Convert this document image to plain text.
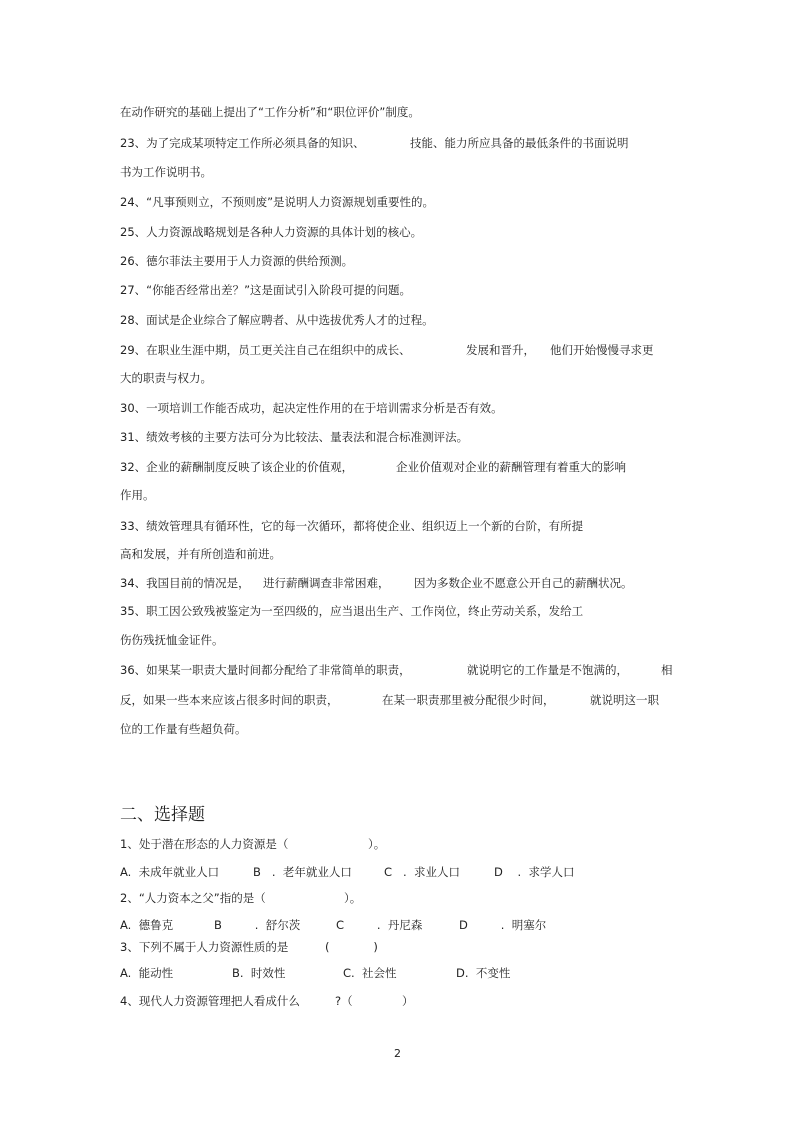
在动作研究的基础上提出了“工作分析”和“职位评价”制度。
23、为了完成某项特定工作所必须具备的知识、	技能、能力所应具备的最低条件的书面说明
书为工作说明书。
24、“凡事预则立，不预则废”是说明人力资源规划重要性的。
25、人力资源战略规划是各种人力资源的具体计划的核心。
26、德尔菲法主要用于人力资源的供给预测。
27、“你能否经常出差？”这是面试引入阶段可提的问题。
28、面试是企业综合了解应聘者、从中选拔优秀人才的过程。
29、在职业生涯中期，员工更关注自己在组织中的成长、	发展和晋升， 他们开始慢慢寻求更
大的职责与权力。
30、一项培训工作能否成功，起决定性作用的在于培训需求分析是否有效。
31、绩效考核的主要方法可分为比较法、量表法和混合标准测评法。
32、企业的薪酬制度反映了该企业的价值观，	企业价值观对企业的薪酬管理有着重大的影响
作用。
33、绩效管理具有循环性，它的每一次循环，都将使企业、组织迈上一个新的台阶，有所提
高和发展，并有所创造和前进。
34、我国目前的情况是， 进行薪酬调查非常困难， 因为多数企业不愿意公开自己的薪酬状况。
35、职工因公致残被鉴定为一至四级的，应当退出生产、工作岗位，终止劳动关系，发给工
伤伤残抚恤金证件。
36、如果某一职责大量时间都分配给了非常简单的职责，	就说明它的工作量是不饱满的，	相
反，如果一些本来应该占很多时间的职责，	在某一职责那里被分配很少时间，	就说明这一职
位的工作量有些超负荷。
1、处于潜在形态的人力资源是（	）。
A.  未成年就业人口	B   .  老年就业人口	C   .  求业人口	D    .  求学人口
2、“人力资本之父”指的是（	）。
A.  德鲁克	B         .  舒尔茨	C         .  丹尼森	D         .  明塞尔
3、下列不属于人力资源性质的是	(            )
A.  能动性	B.  时效性	C.  社会性	D.  不变性
4、现代人力资源管理把人看成什么	?（	）

二、选择题

2
